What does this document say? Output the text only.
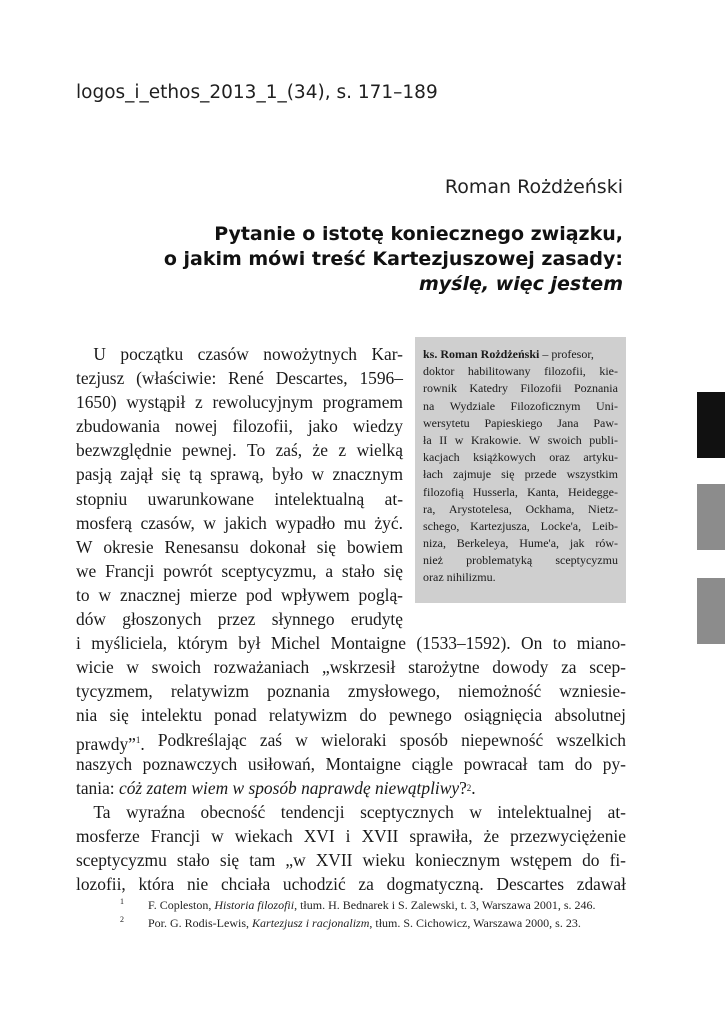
logos_i_ethos_2013_1_(34), s. 171–189
Roman Rożdżeński
Pytanie o istotę koniecznego związku,
o jakim mówi treść Kartezjuszowej zasady:
myślę, więc jestem
ks. Roman Rożdżeński – profesor,
doktor habilitowany filozofii, kie-
rownik Katedry Filozofii Poznania
na Wydziale Filozoficznym Uni-
wersytetu Papieskiego Jana Paw-
ła II w Krakowie. W swoich publi-
kacjach książkowych oraz artyku-
łach zajmuje się przede wszystkim
filozofią Husserla, Kanta, Heidegge-
ra, Arystotelesa, Ockhama, Nietz-
schego, Kartezjusza, Locke'a, Leib-
niza, Berkeleya, Hume'a, jak rów-
nież problematyką sceptycyzmu
oraz nihilizmu.
U początku czasów nowożytnych Kar-
tezjusz (właściwie: René Descartes, 1596–
1650) wystąpił z rewolucyjnym programem
zbudowania nowej filozofii, jako wiedzy
bezwzględnie pewnej. To zaś, że z wielką
pasją zajął się tą sprawą, było w znacznym
stopniu uwarunkowane intelektualną at-
mosferą czasów, w jakich wypadło mu żyć.
W okresie Renesansu dokonał się bowiem
we Francji powrót sceptycyzmu, a stało się
to w znacznej mierze pod wpływem poglą-
dów głoszonych przez słynnego erudytę
i myśliciela, którym był Michel Montaigne (1533–1592). On to miano-
wicie w swoich rozważaniach „wskrzesił starożytne dowody za scep-
tycyzmem, relatywizm poznania zmysłowego, niemożność wzniesie-
nia się intelektu ponad relatywizm do pewnego osiągnięcia absolutnej
prawdy”$^1$. Podkreślając zaś w wieloraki sposób niepewność wszelkich
naszych poznawczych usiłowań, Montaigne ciągle powracał tam do py-
tania: cóż zatem wiem w sposób naprawdę niewątpliwy ? 2 .
Ta wyraźna obecność tendencji sceptycznych w intelektualnej at-
mosferze Francji w wiekach XVI i XVII sprawiła, że przezwyciężenie
sceptycyzmu stało się tam „w XVII wieku koniecznym wstępem do fi-
lozofii, która nie chciała uchodzić za dogmatyczną. Descartes zdawał
1 F. Copleston, Historia filozofii, tłum. H. Bednarek i S. Zalewski, t. 3, Warszawa 2001, s. 246.
2 Por. G. Rodis-Lewis, Kartezjusz i racjonalizm, tłum. S. Cichowicz, Warszawa 2000, s. 23.
